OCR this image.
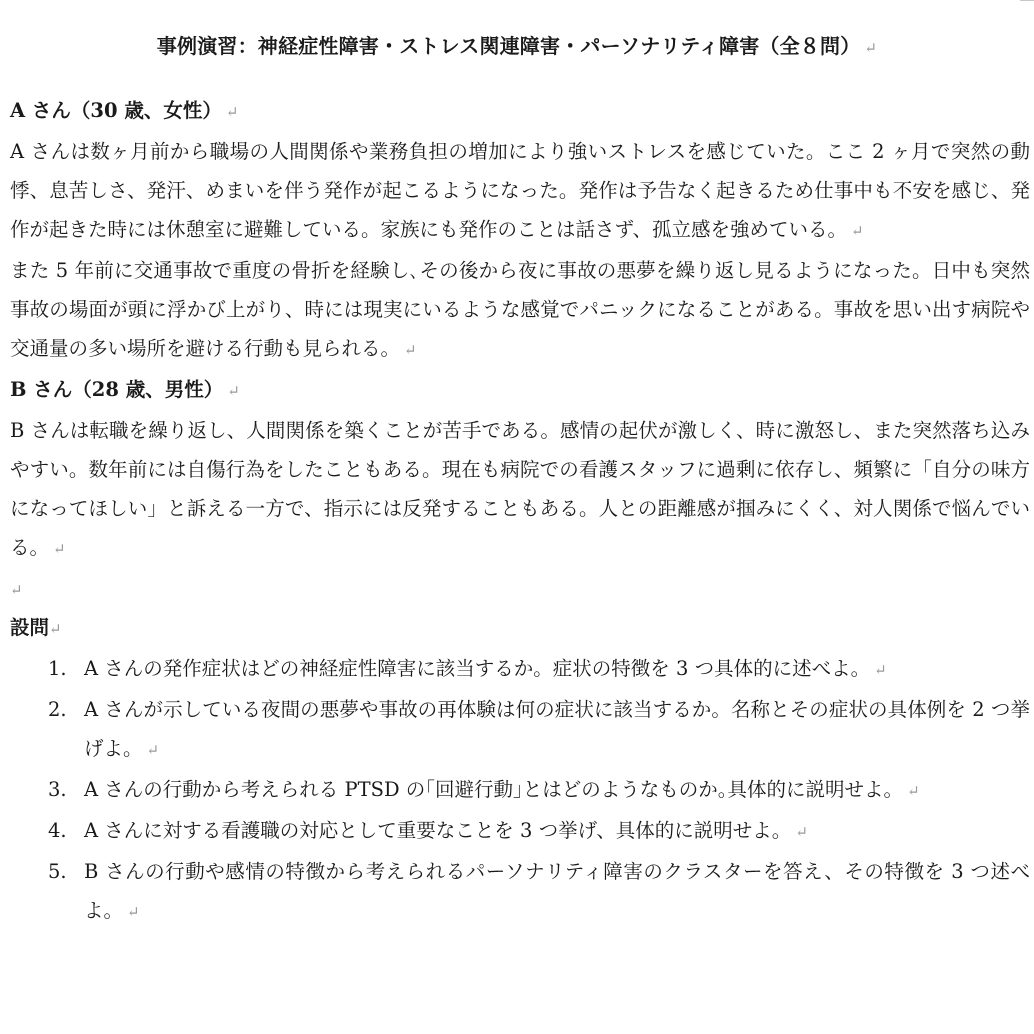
事例演習：神経症性障害・ストレス関連障害・パーソナリティ障害（全８問） ↵

A さん（30 歳、女性） ↵

A さんは数ヶ月前から職場の人間関係や業務負担の増加により強いストレスを感じていた。ここ 2 ヶ月で突然の動悸、息苦しさ、発汗、めまいを伴う発作が起こるようになった。発作は予告なく起きるため仕事中も不安を感じ、発作が起きた時には休憩室に避難している。家族にも発作のことは話さず、孤立感を強めている。 ↵

また 5 年前に交通事故で重度の骨折を経験し､その後から夜に事故の悪夢を繰り返し見るようになった。日中も突然事故の場面が頭に浮かび上がり、時には現実にいるような感覚でパニックになることがある。事故を思い出す病院や交通量の多い場所を避ける行動も見られる。 ↵

B さん（28 歳、男性） ↵

B さんは転職を繰り返し、人間関係を築くことが苦手である。感情の起伏が激しく、時に激怒し、また突然落ち込みやすい。数年前には自傷行為をしたこともある。現在も病院での看護スタッフに過剰に依存し、頻繁に「自分の味方になってほしい」と訴える一方で、指示には反発することもある。人との距離感が掴みにくく、対人関係で悩んでいる。 ↵

↵

設問↵

1. A さんの発作症状はどの神経症性障害に該当するか。症状の特徴を 3 つ具体的に述べよ。 ↵
2. A さんが示している夜間の悪夢や事故の再体験は何の症状に該当するか。名称とその症状の具体例を 2 つ挙げよ。 ↵
3. A さんの行動から考えられる PTSD の｢回避行動｣とはどのようなものか｡具体的に説明せよ。 ↵
4. A さんに対する看護職の対応として重要なことを 3 つ挙げ、具体的に説明せよ。 ↵
5. B さんの行動や感情の特徴から考えられるパーソナリティ障害のクラスターを答え、その特徴を 3 つ述べよ。 ↵
